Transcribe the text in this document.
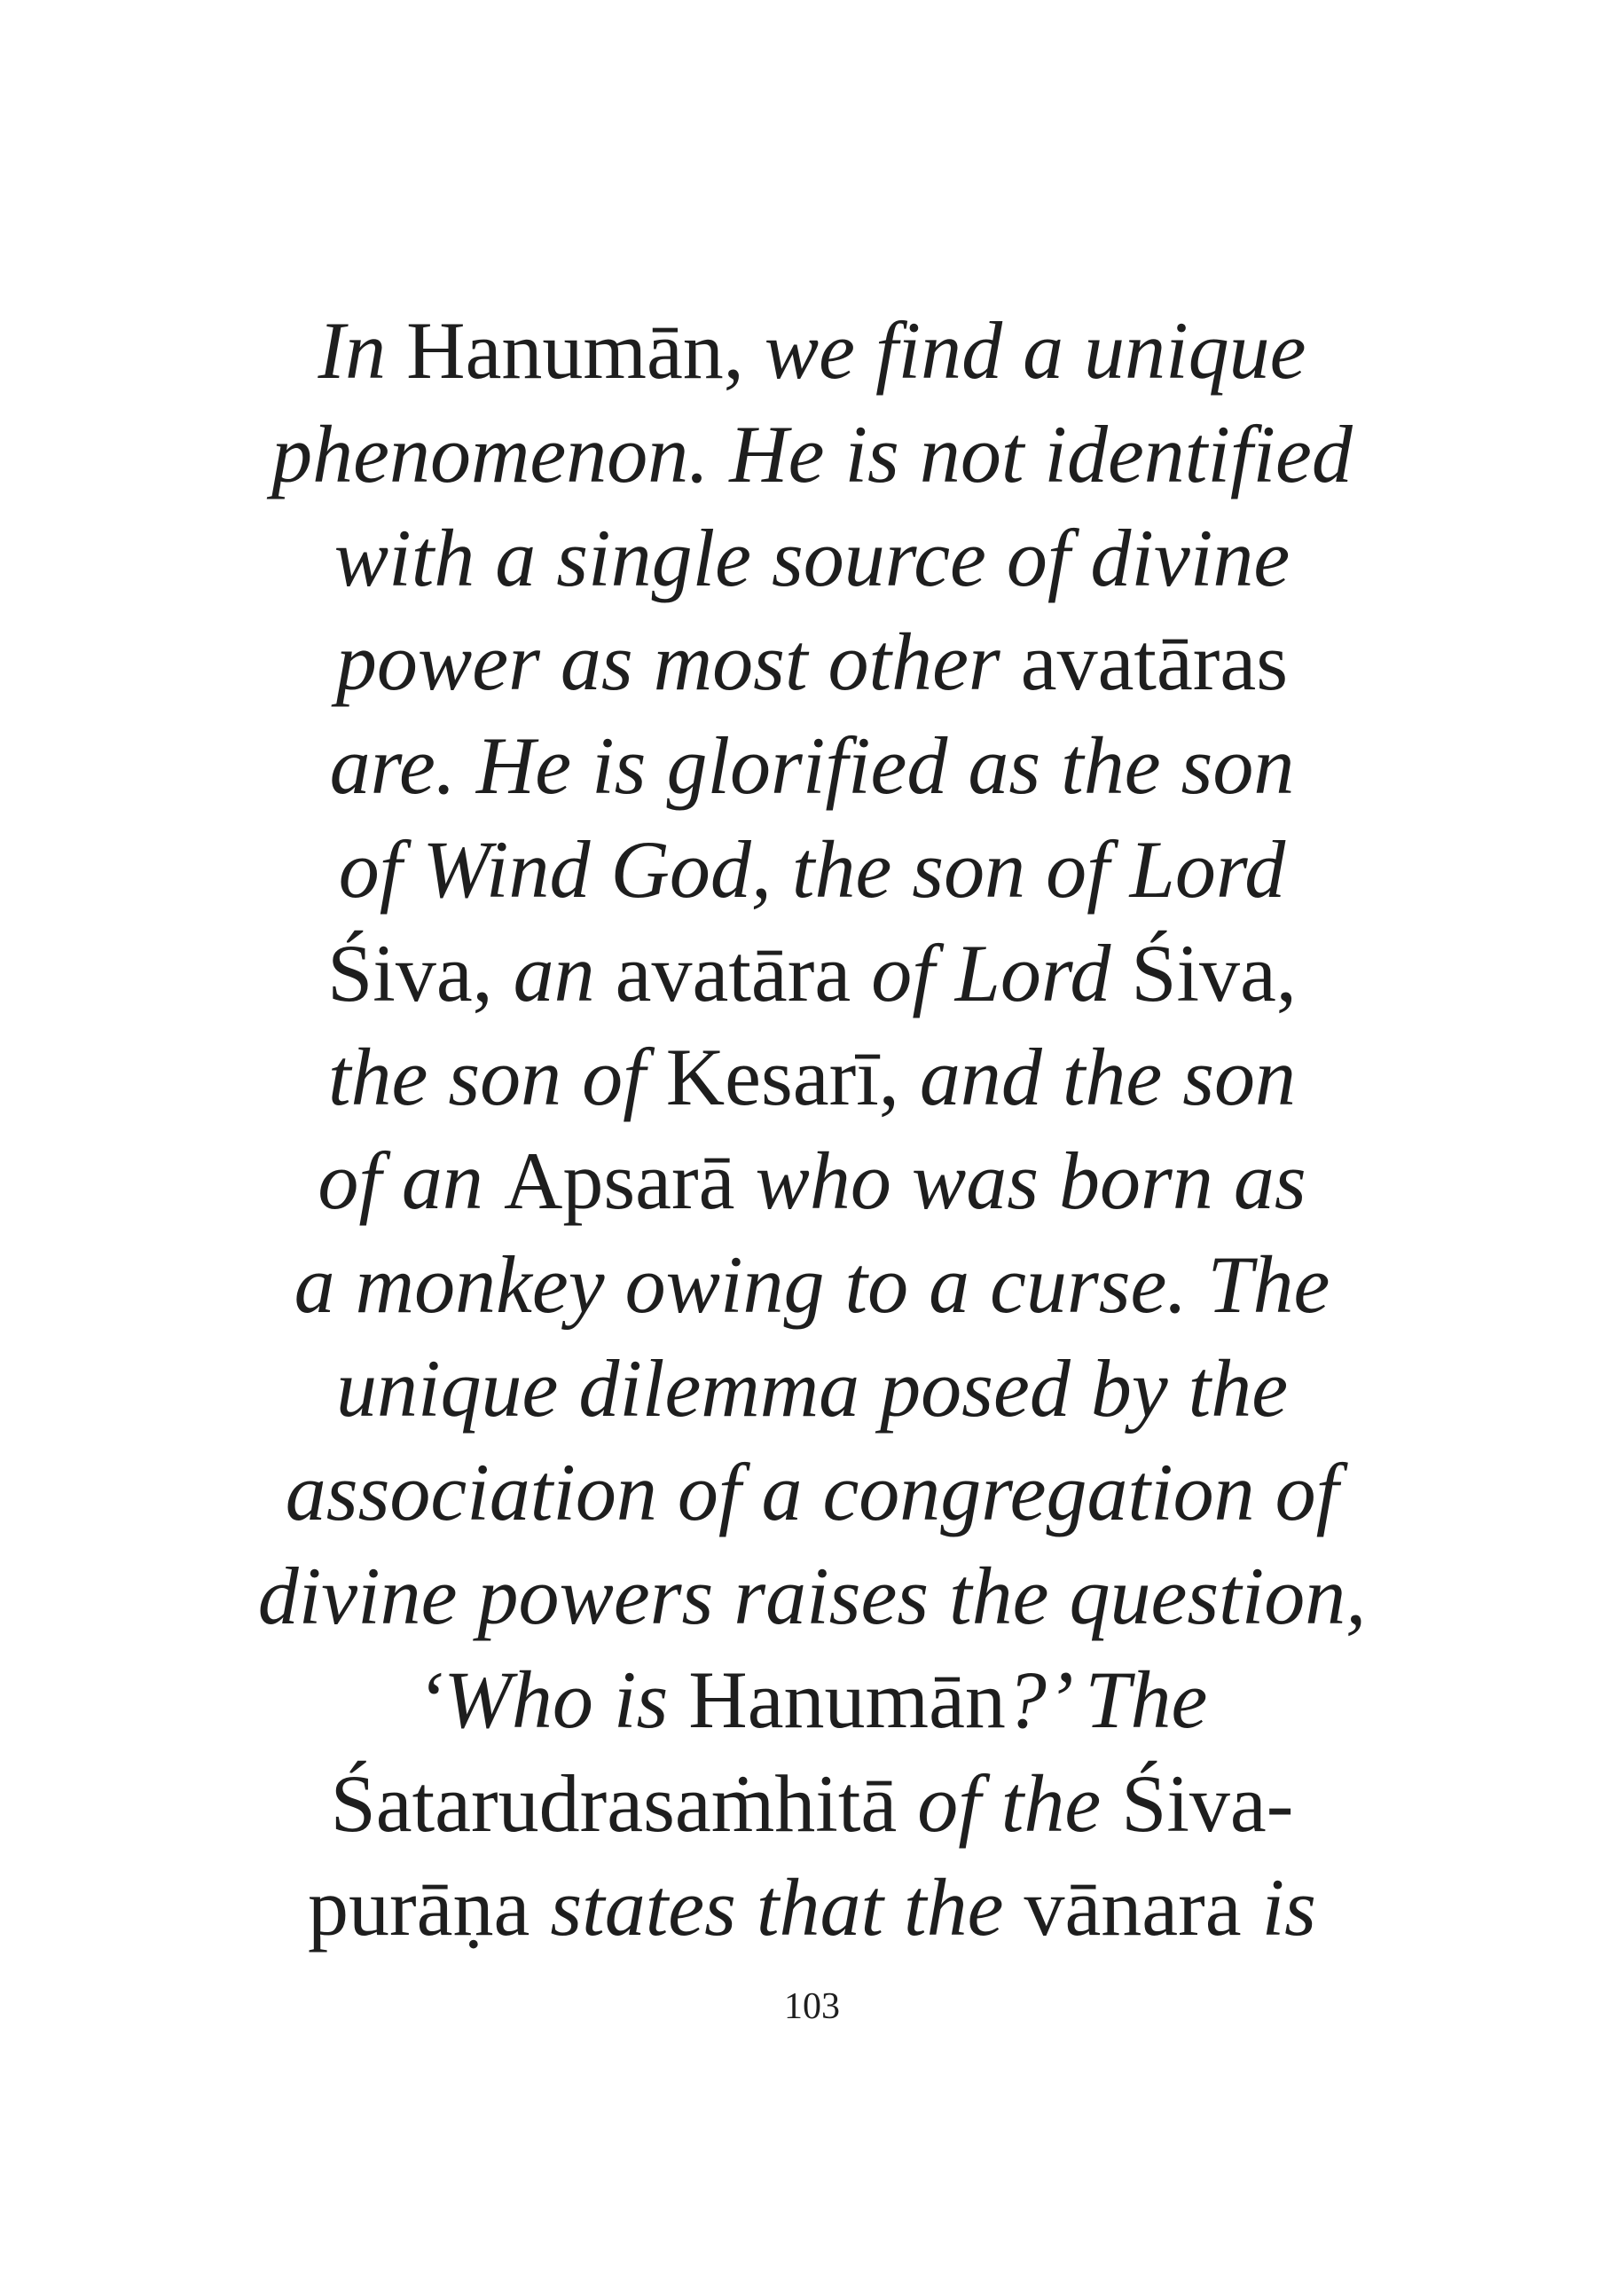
In Hanumān, we find a unique
phenomenon. He is not identified
with a single source of divine
power as most other avatāras
are. He is glorified as the son
of Wind God, the son of Lord
Śiva, an avatāra of Lord Śiva,
the son of Kesarī, and the son
of an Apsarā who was born as
a monkey owing to a curse. The
unique dilemma posed by the
association of a congregation of
divine powers raises the question,
‘Who is Hanumān?’ The
Śatarudrasaṁhitā of the Śiva-
purāṇa states that the vānara is
103
